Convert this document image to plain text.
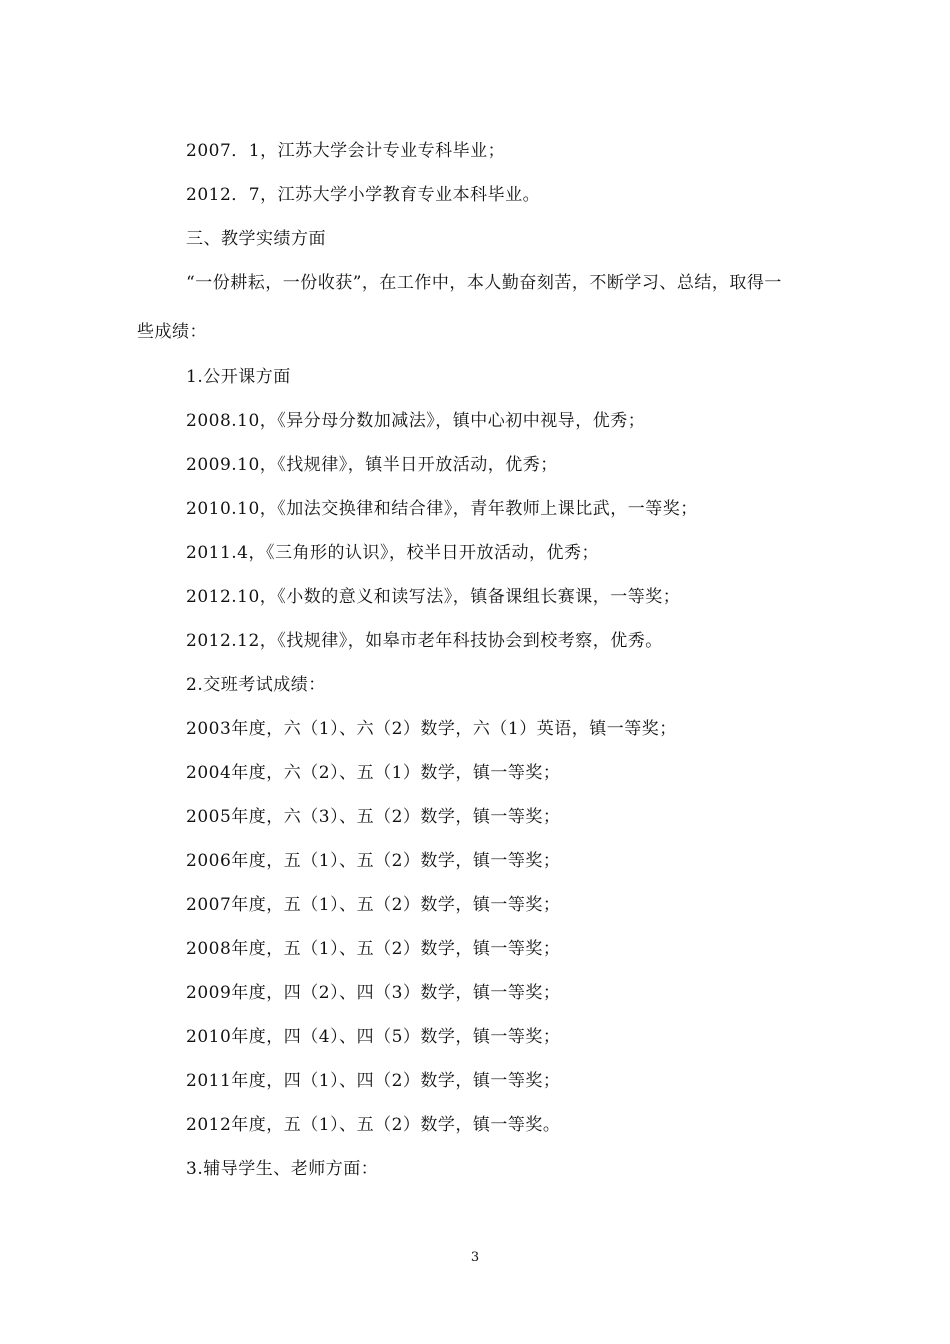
2007．1，江苏大学会计专业专科毕业；
2012．7，江苏大学小学教育专业本科毕业。
三、教学实绩方面
“一份耕耘，一份收获”，在工作中，本人勤奋刻苦，不断学习、总结，取得一
些成绩：
1.公开课方面
2008.10，《异分母分数加减法》，镇中心初中视导，优秀；
2009.10，《找规律》，镇半日开放活动，优秀；
2010.10，《加法交换律和结合律》，青年教师上课比武，一等奖；
2011.4，《三角形的认识》，校半日开放活动，优秀；
2012.10，《小数的意义和读写法》，镇备课组长赛课，一等奖；
2012.12，《找规律》，如皋市老年科技协会到校考察，优秀。
2.交班考试成绩：
2003年度，六（1）、六（2）数学，六（1）英语，镇一等奖；
2004年度，六（2）、五（1）数学，镇一等奖；
2005年度，六（3）、五（2）数学，镇一等奖；
2006年度，五（1）、五（2）数学，镇一等奖；
2007年度，五（1）、五（2）数学，镇一等奖；
2008年度，五（1）、五（2）数学，镇一等奖；
2009年度，四（2）、四（3）数学，镇一等奖；
2010年度，四（4）、四（5）数学，镇一等奖；
2011年度，四（1）、四（2）数学，镇一等奖；
2012年度，五（1）、五（2）数学，镇一等奖。
3.辅导学生、老师方面：
3
